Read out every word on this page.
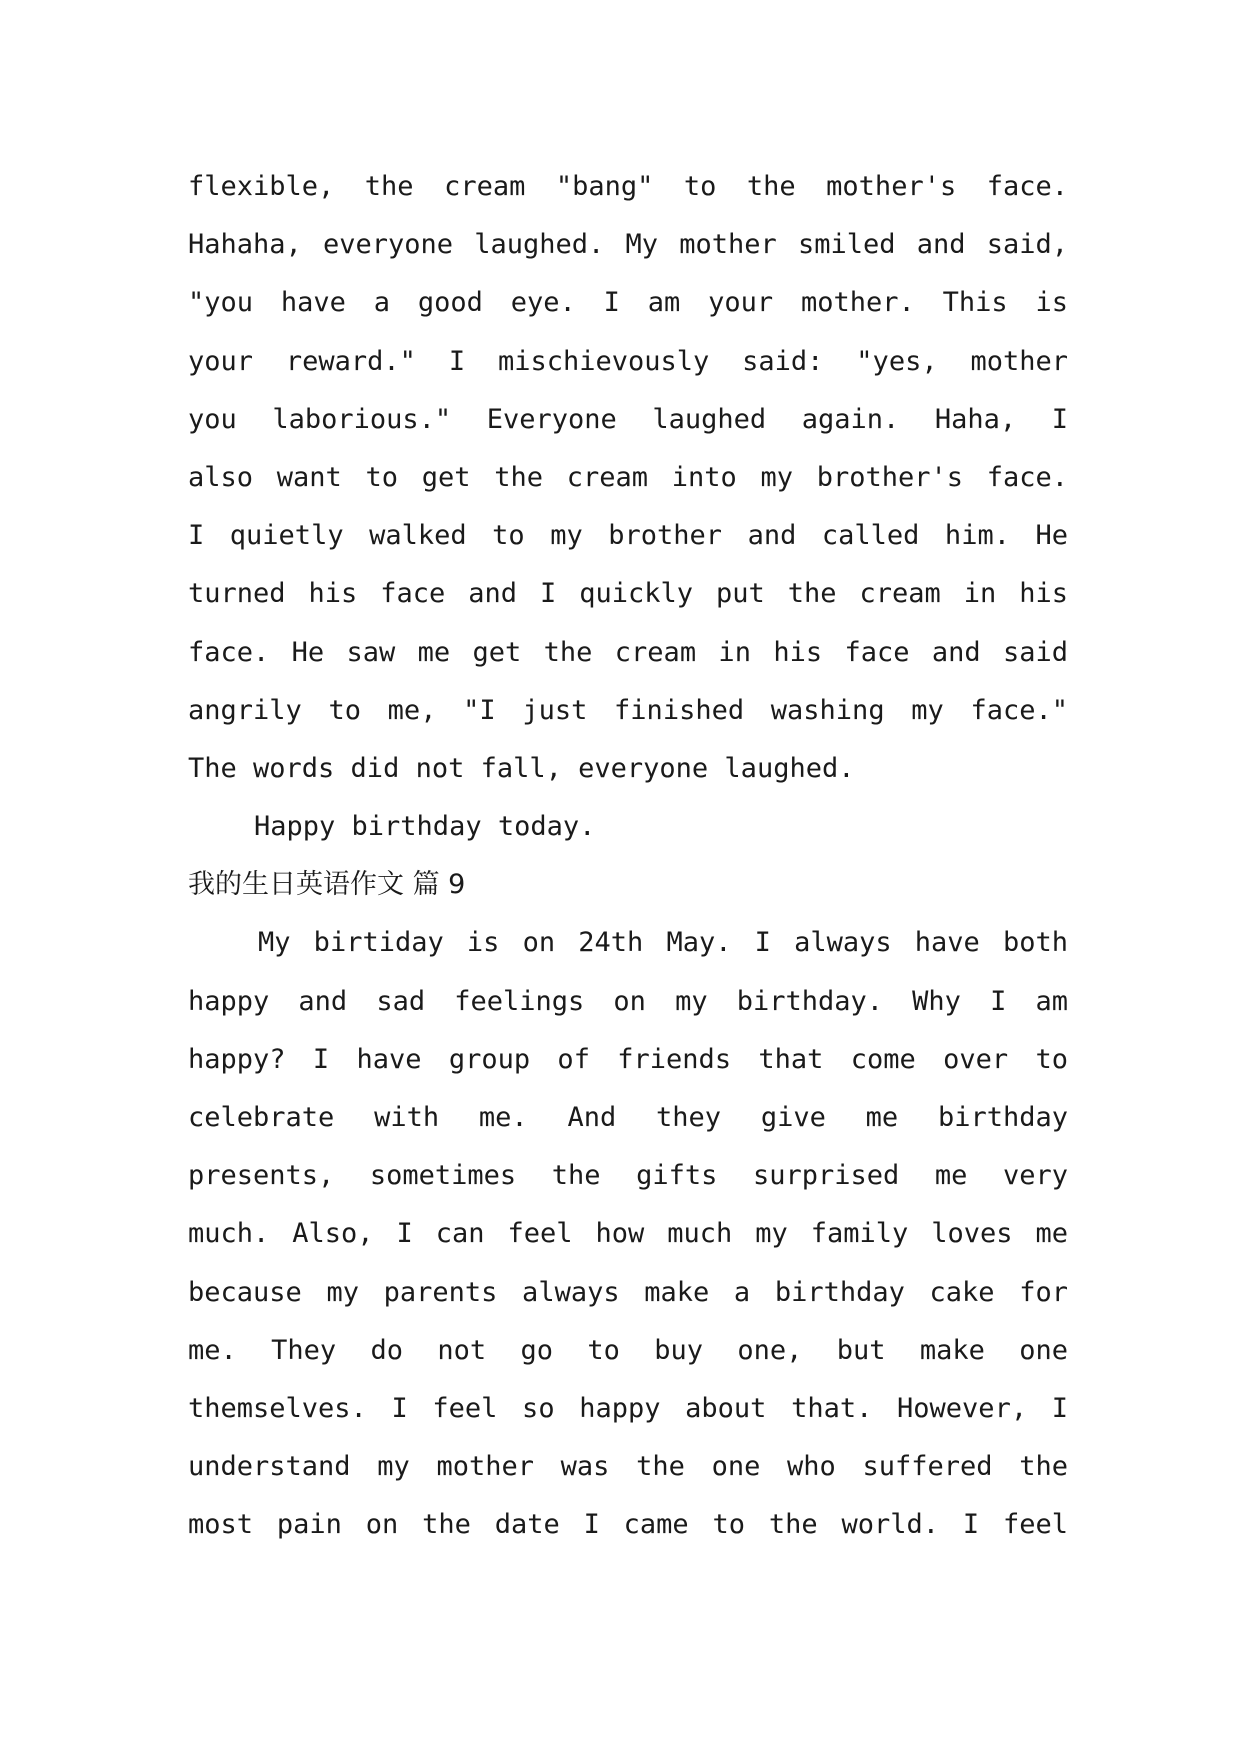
flexible, the cream "bang" to the mother's face.
Hahaha, everyone laughed. My mother smiled and said,
"you have a good eye. I am your mother. This is
your reward." I mischievously said: "yes, mother
you laborious." Everyone laughed again. Haha, I
also want to get the cream into my brother's face.
I quietly walked to my brother and called him. He
turned his face and I quickly put the cream in his
face. He saw me get the cream in his face and said
angrily to me, "I just finished washing my face."
The words did not fall, everyone laughed.
Happy birthday today.
我的生日英语作文 篇 9
My birtiday is on 24th May. I always have both
happy and sad feelings on my birthday. Why I am
happy? I have group of friends that come over to
celebrate with me. And they give me birthday
presents, sometimes the gifts surprised me very
much. Also, I can feel how much my family loves me
because my parents always make a birthday cake for
me. They do not go to buy one, but make one
themselves. I feel so happy about that. However, I
understand my mother was the one who suffered the
most pain on the date I came to the world. I feel
